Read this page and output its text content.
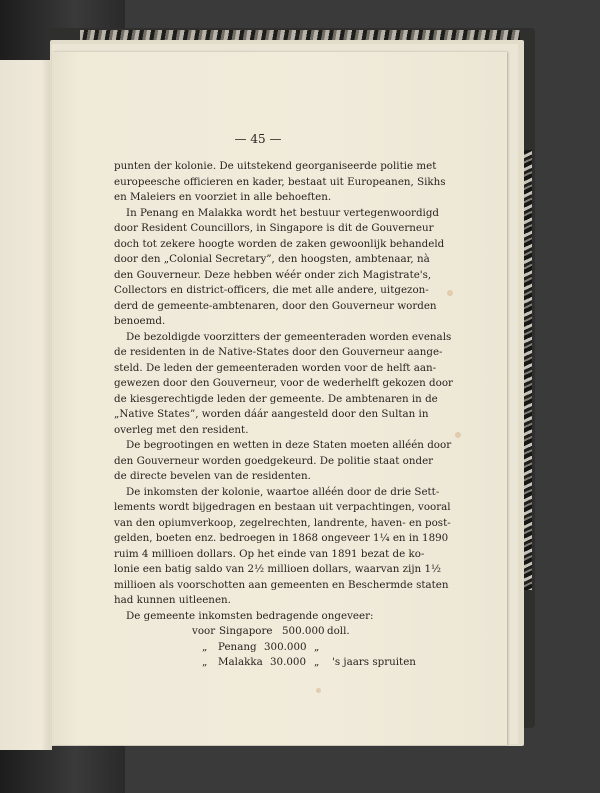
— 45 —
punten der kolonie. De uitstekend georganiseerde politie met
europeesche officieren en kader, bestaat uit Europeanen, Sikhs
en Maleiers en voorziet in alle behoeften.
In Penang en Malakka wordt het bestuur vertegenwoordigd
door Resident Councillors, in Singapore is dit de Gouverneur
doch tot zekere hoogte worden de zaken gewoonlijk behandeld
door den „Colonial Secretary”, den hoogsten, ambtenaar, nà
den Gouverneur. Deze hebben wéér onder zich Magistrate's,
Collectors en district-officers, die met alle andere, uitgezon-
derd de gemeente-ambtenaren, door den Gouverneur worden
benoemd.
De bezoldigde voorzitters der gemeenteraden worden evenals
de residenten in de Native-States door den Gouverneur aange-
steld. De leden der gemeenteraden worden voor de helft aan-
gewezen door den Gouverneur, voor de wederhelft gekozen door
de kiesgerechtigde leden der gemeente. De ambtenaren in de
„Native States”, worden dáár aangesteld door den Sultan in
overleg met den resident.
De begrootingen en wetten in deze Staten moeten alléén door
den Gouverneur worden goedgekeurd. De politie staat onder
de directe bevelen van de residenten.
De inkomsten der kolonie, waartoe alléén door de drie Sett-
lements wordt bijgedragen en bestaan uit verpachtingen, vooral
van den opiumverkoop, zegelrechten, landrente, haven- en post-
gelden, boeten enz. bedroegen in 1868 ongeveer 1¼ en in 1890
ruim 4 millioen dollars. Op het einde van 1891 bezat de ko-
lonie een batig saldo van 2½ millioen dollars, waarvan zijn 1½
millioen als voorschotten aan gemeenten en Beschermde staten
had kunnen uitleenen.
De gemeente inkomsten bedragende ongeveer:
voor Singapore 500.000 doll.
„ Penang 300.000 „
„ Malakka 30.000 „ 's jaars spruiten
